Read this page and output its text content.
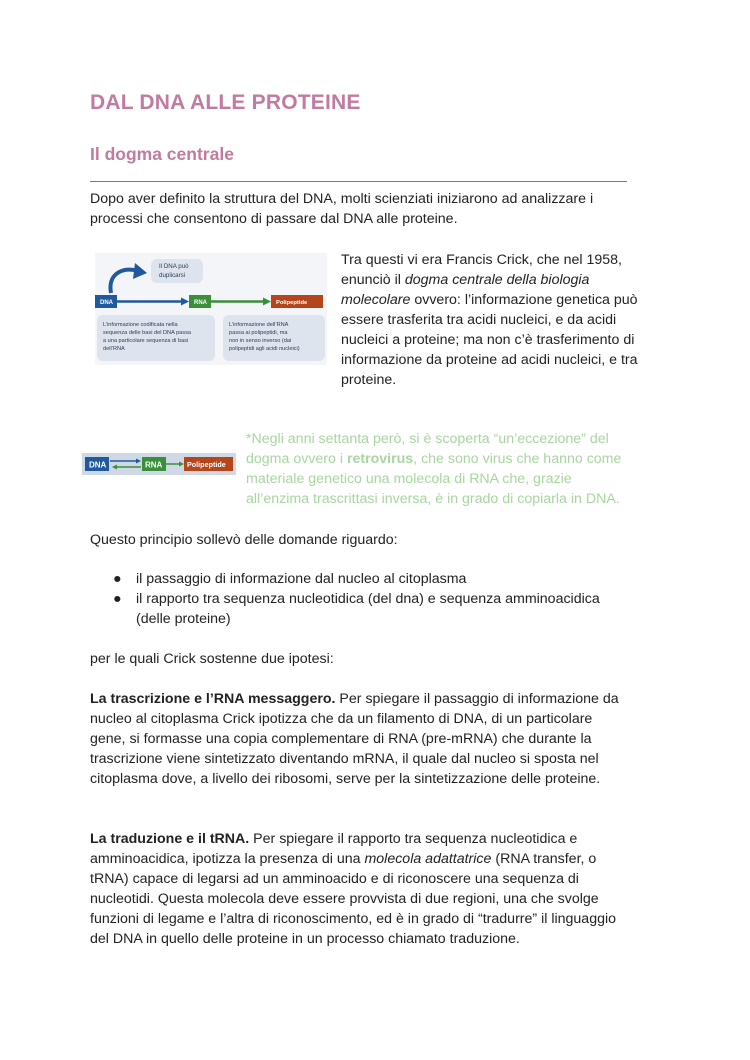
DAL DNA ALLE PROTEINE
Il dogma centrale

Dopo aver definito la struttura del DNA, molti scienziati iniziarono ad analizzare i
processi che consentono di passare dal DNA alle proteine.

Il DNA può
duplicarsi
DNA	RNA	Polipeptide
L’informazione codificata nella
sequenza delle basi del DNA passa
a una particolare sequenza di basi
dell’RNA
L’informazione dell’RNA
passa ai polipeptidi, ma
non in senso inverso (dai
polipeptidi agli acidi nucleici)

Tra questi vi era Francis Crick, che nel 1958,
enunciò il dogma centrale della biologia
molecolare ovvero: l’informazione genetica può
essere trasferita tra acidi nucleici, e da acidi
nucleici a proteine; ma non c’è trasferimento di
informazione da proteine ad acidi nucleici, e tra
proteine.

DNA	RNA	Polipeptide

*Negli anni settanta però, si è scoperta “un’eccezione” del
dogma ovvero i retrovirus, che sono virus che hanno come
materiale genetico una molecola di RNA che, grazie
all’enzima trascrittasi inversa, è in grado di copiarla in DNA.

Questo principio sollevò delle domande riguardo:

● il passaggio di informazione dal nucleo al citoplasma
● il rapporto tra sequenza nucleotidica (del dna) e sequenza amminoacidica
(delle proteine)

per le quali Crick sostenne due ipotesi:

La trascrizione e l’RNA messaggero. Per spiegare il passaggio di informazione da
nucleo al citoplasma Crick ipotizza che da un filamento di DNA, di un particolare
gene, si formasse una copia complementare di RNA (pre-mRNA) che durante la
trascrizione viene sintetizzato diventando mRNA, il quale dal nucleo si sposta nel
citoplasma dove, a livello dei ribosomi, serve per la sintetizzazione delle proteine.

La traduzione e il tRNA. Per spiegare il rapporto tra sequenza nucleotidica e
amminoacidica, ipotizza la presenza di una molecola adattatrice (RNA transfer, o
tRNA) capace di legarsi ad un amminoacido e di riconoscere una sequenza di
nucleotidi. Questa molecola deve essere provvista di due regioni, una che svolge
funzioni di legame e l’altra di riconoscimento, ed è in grado di “tradurre” il linguaggio
del DNA in quello delle proteine in un processo chiamato traduzione.
